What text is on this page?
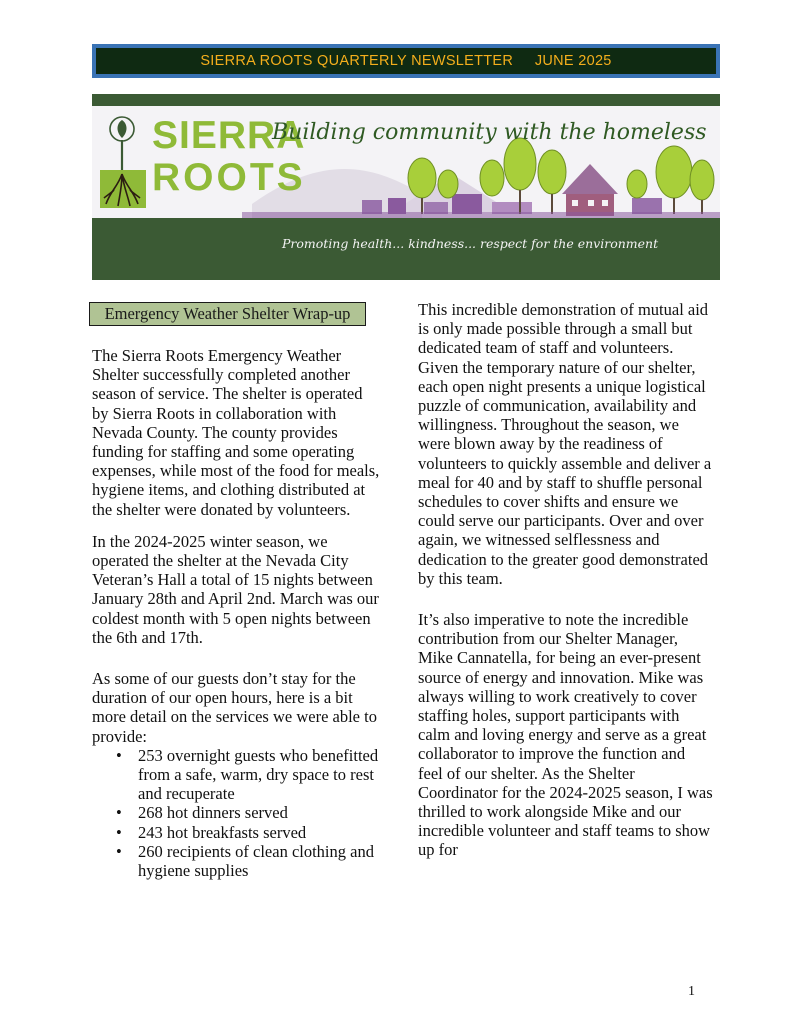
SIERRA ROOTS QUARTERLY NEWSLETTER     JUNE 2025
SIERRA
ROOTS
Building community with the homeless
Promoting health... kindness... respect for the environment
Emergency Weather Shelter Wrap-up

The Sierra Roots Emergency Weather Shelter successfully completed another season of service. The shelter is operated by Sierra Roots in collaboration with Nevada County. The county provides funding for staffing and some operating expenses, while most of the food for meals, hygiene items, and clothing distributed at the shelter were donated by volunteers.

In the 2024-2025 winter season, we operated the shelter at the Nevada City Veteran’s Hall a total of 15 nights between January 28th and April 2nd. March was our coldest month with 5 open nights between the 6th and 17th.

As some of our guests don’t stay for the duration of our open hours, here is a bit more detail on the services we were able to provide:

• 253 overnight guests who benefitted from a safe, warm, dry space to rest and recuperate
• 268 hot dinners served
• 243 hot breakfasts served
• 260 recipients of clean clothing and hygiene supplies

This incredible demonstration of mutual aid is only made possible through a small but dedicated team of staff and volunteers. Given the temporary nature of our shelter, each open night presents a unique logistical puzzle of communication, availability and willingness. Throughout the season, we were blown away by the readiness of volunteers to quickly assemble and deliver a meal for 40 and by staff to shuffle personal schedules to cover shifts and ensure we could serve our participants. Over and over again, we witnessed selflessness and dedication to the greater good demonstrated by this team.

It’s also imperative to note the incredible contribution from our Shelter Manager, Mike Cannatella, for being an ever-present source of energy and innovation. Mike was always willing to work creatively to cover staffing holes, support participants with calm and loving energy and serve as a great collaborator to improve the function and feel of our shelter. As the Shelter Coordinator for the 2024-2025 season, I was thrilled to work alongside Mike and our incredible volunteer and staff teams to show up for

1
